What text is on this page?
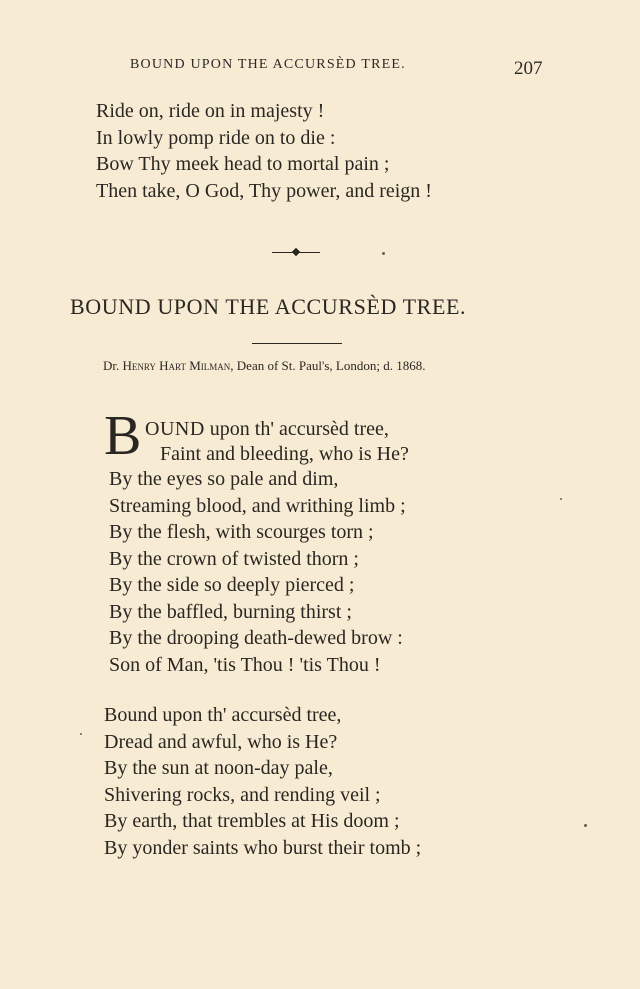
BOUND UPON THE ACCURSÈD TREE.	207
Ride on, ride on in majesty !
In lowly pomp ride on to die :
Bow Thy meek head to mortal pain ;
Then take, O God, Thy power, and reign !
BOUND UPON THE ACCURSÈD TREE.
Dr. Henry Hart Milman, Dean of St. Paul's, London; d. 1868.
B OUND upon th' accursèd tree,
Faint and bleeding, who is He?
By the eyes so pale and dim,
Streaming blood, and writhing limb ;
By the flesh, with scourges torn ;
By the crown of twisted thorn ;
By the side so deeply pierced ;
By the baffled, burning thirst ;
By the drooping death-dewed brow :
Son of Man, 'tis Thou ! 'tis Thou !
Bound upon th' accursèd tree,
Dread and awful, who is He?
By the sun at noon-day pale,
Shivering rocks, and rending veil ;
By earth, that trembles at His doom ;
By yonder saints who burst their tomb ;
